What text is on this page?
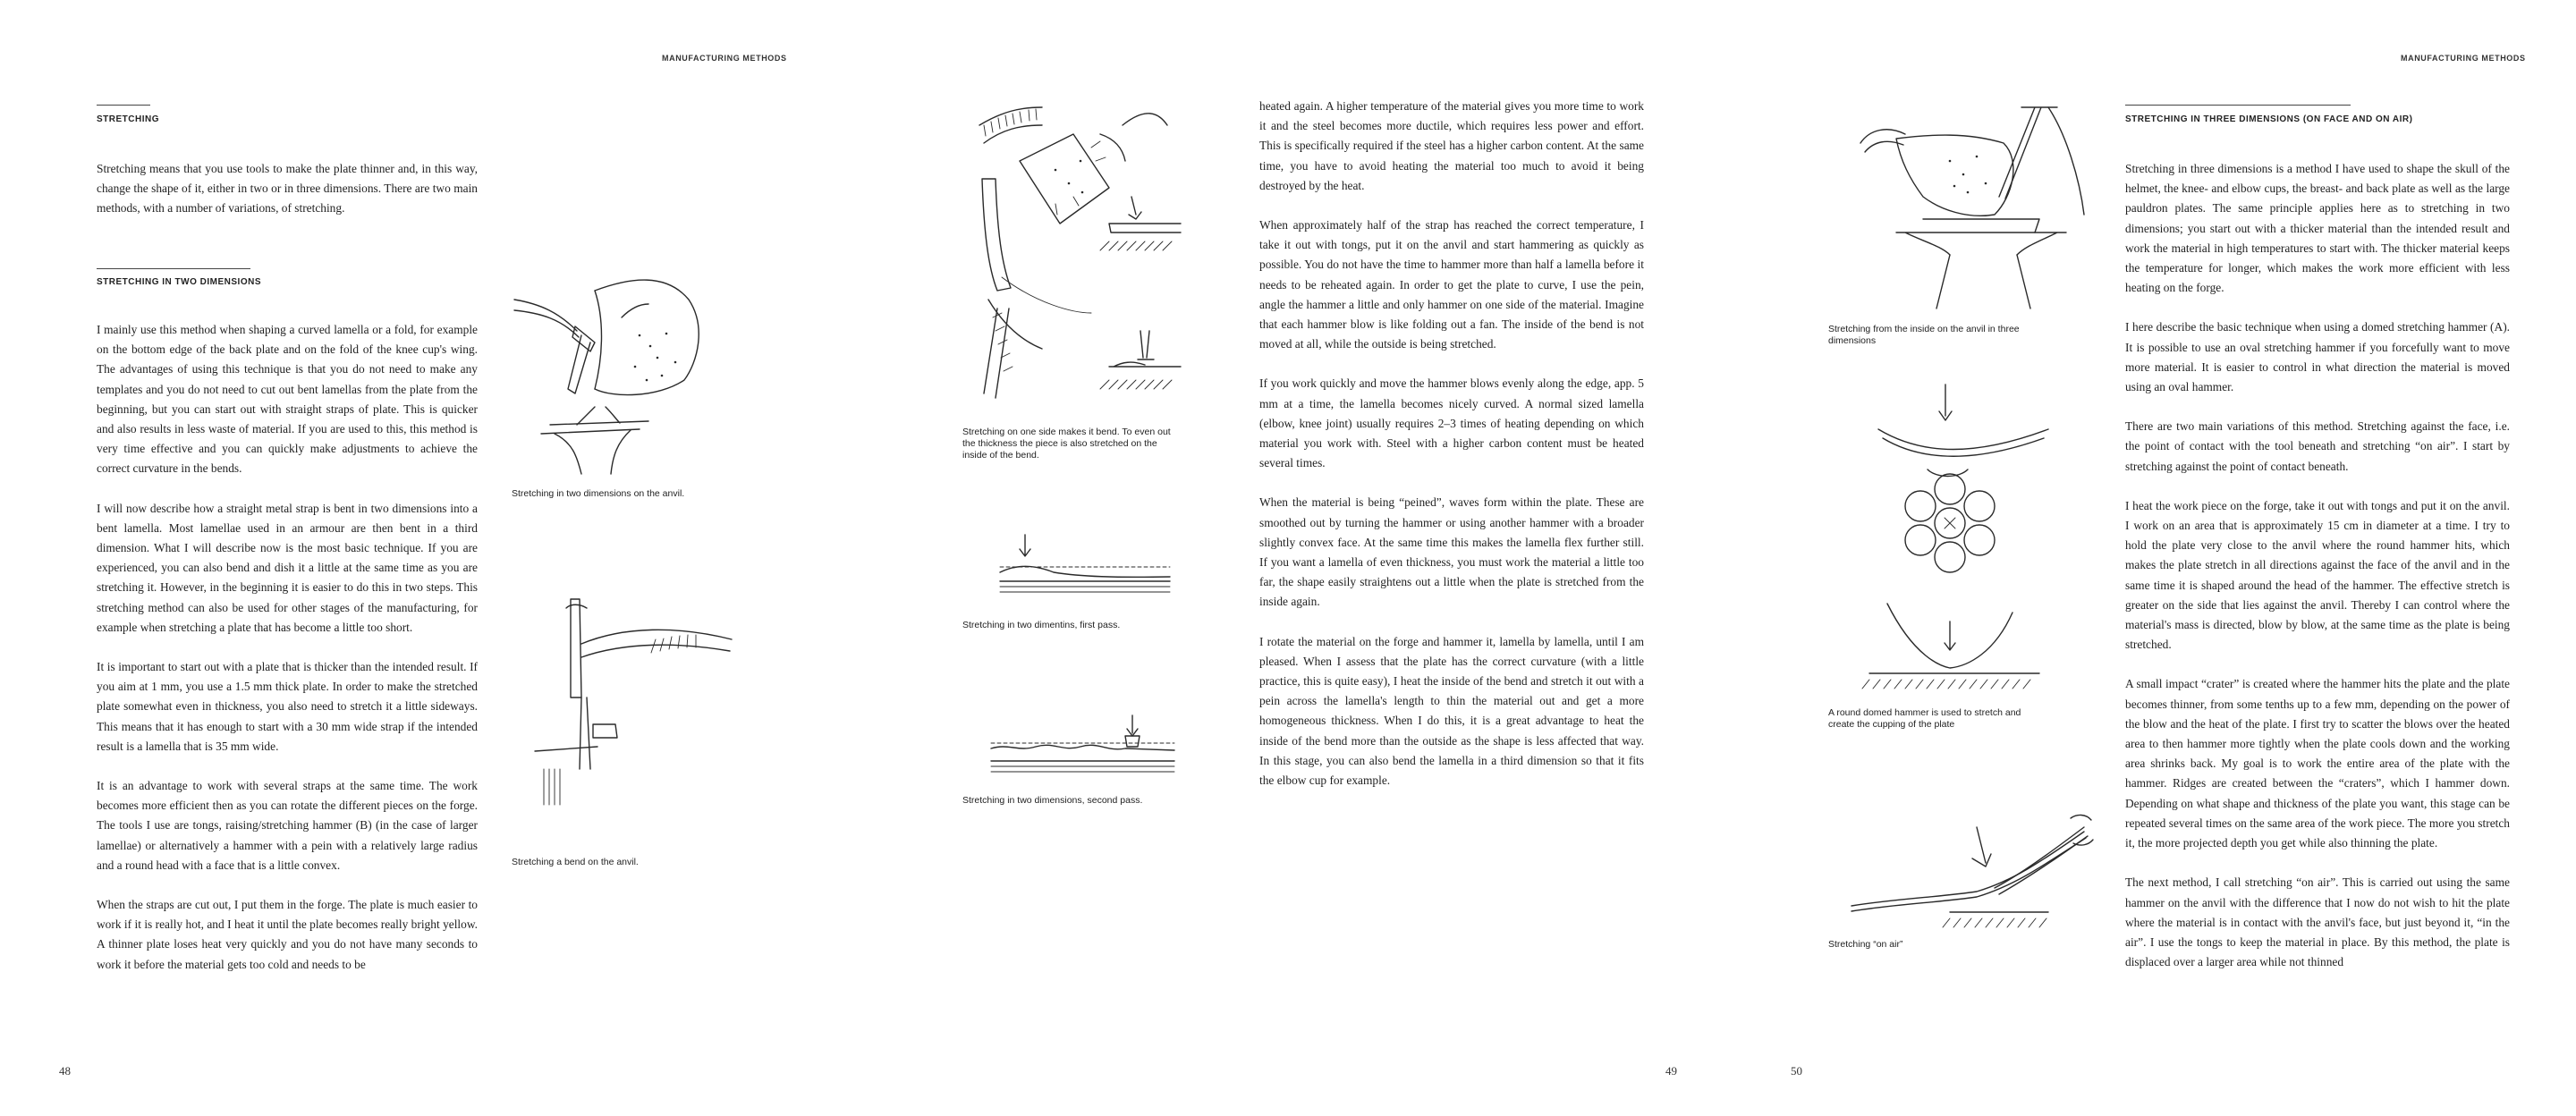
MANUFACTURING METHODS	MANUFACTURING METHODS
STRETCHING

Stretching means that you use tools to make the plate thinner and, in this way, change the shape of it, either in two or in three dimensions. There are two main methods, with a number of variations, of stretching.

STRETCHING IN TWO DIMENSIONS

I mainly use this method when shaping a curved lamella or a fold, for example on the bottom edge of the back plate and on the fold of the knee cup's wing. The advantages of using this technique is that you do not need to make any templates and you do not need to cut out bent lamellas from the plate from the beginning, but you can start out with straight straps of plate. This is quicker and also results in less waste of material. If you are used to this, this method is very time effective and you can quickly make adjustments to achieve the correct curvature in the bends.

I will now describe how a straight metal strap is bent in two dimensions into a bent lamella. Most lamellae used in an armour are then bent in a third dimension. What I will describe now is the most basic technique. If you are experienced, you can also bend and dish it a little at the same time as you are stretching it. However, in the beginning it is easier to do this in two steps. This stretching method can also be used for other stages of the manufacturing, for example when stretching a plate that has become a little too short.

It is important to start out with a plate that is thicker than the intended result. If you aim at 1 mm, you use a 1.5 mm thick plate. In order to make the stretched plate somewhat even in thickness, you also need to stretch it a little sideways. This means that it has enough to start with a 30 mm wide strap if the intended result is a lamella that is 35 mm wide.

It is an advantage to work with several straps at the same time. The work becomes more efficient then as you can rotate the different pieces on the forge. The tools I use are tongs, raising/stretching hammer (B) (in the case of larger lamellae) or alternatively a hammer with a pein with a relatively large radius and a round head with a face that is a little convex.

When the straps are cut out, I put them in the forge. The plate is much easier to work if it is really hot, and I heat it until the plate becomes really bright yellow. A thinner plate loses heat very quickly and you do not have many seconds to work it before the material gets too cold and needs to be

Stretching in two dimensions on the anvil.
Stretching a bend on the anvil.
48
Stretching on one side makes it bend. To even out the thickness the piece is also stretched on the inside of the bend.
Stretching in two dimentins, first pass.
Stretching in two dimensions, second pass.

heated again. A higher temperature of the material gives you more time to work it and the steel becomes more ductile, which requires less power and effort. This is specifically required if the steel has a higher carbon content. At the same time, you have to avoid heating the material too much to avoid it being destroyed by the heat.

When approximately half of the strap has reached the correct temperature, I take it out with tongs, put it on the anvil and start hammering as quickly as possible. You do not have the time to hammer more than half a lamella before it needs to be reheated again. In order to get the plate to curve, I use the pein, angle the hammer a little and only hammer on one side of the material. Imagine that each hammer blow is like folding out a fan. The inside of the bend is not moved at all, while the outside is being stretched.

If you work quickly and move the hammer blows evenly along the edge, app. 5 mm at a time, the lamella becomes nicely curved. A normal sized lamella (elbow, knee joint) usually requires 2–3 times of heating depending on which material you work with. Steel with a higher carbon content must be heated several times.

When the material is being “peined”, waves form within the plate. These are smoothed out by turning the hammer or using another hammer with a broader slightly convex face. At the same time this makes the lamella flex further still. If you want a lamella of even thickness, you must work the material a little too far, the shape easily straightens out a little when the plate is stretched from the inside again.

I rotate the material on the forge and hammer it, lamella by lamella, until I am pleased. When I assess that the plate has the correct curvature (with a little practice, this is quite easy), I heat the inside of the bend and stretch it out with a pein across the lamella's length to thin the material out and get a more homogeneous thickness. When I do this, it is a great advantage to heat the inside of the bend more than the outside as the shape is less affected that way. In this stage, you can also bend the lamella in a third dimension so that it fits the elbow cup for example.

49
Stretching from the inside on the anvil in three dimensions
A round domed hammer is used to stretch and create the cupping of the plate
Stretching “on air”
50
STRETCHING IN THREE DIMENSIONS (ON FACE AND ON AIR)

Stretching in three dimensions is a method I have used to shape the skull of the helmet, the knee- and elbow cups, the breast- and back plate as well as the large pauldron plates. The same principle applies here as to stretching in two dimensions; you start out with a thicker material than the intended result and work the material in high temperatures to start with. The thicker material keeps the temperature for longer, which makes the work more efficient with less heating on the forge.

I here describe the basic technique when using a domed stretching hammer (A). It is possible to use an oval stretching hammer if you forcefully want to move more material. It is easier to control in what direction the material is moved using an oval hammer.

There are two main variations of this method. Stretching against the face, i.e. the point of contact with the tool beneath and stretching “on air”. I start by stretching against the point of contact beneath.

I heat the work piece on the forge, take it out with tongs and put it on the anvil. I work on an area that is approximately 15 cm in diameter at a time. I try to hold the plate very close to the anvil where the round hammer hits, which makes the plate stretch in all directions against the face of the anvil and in the same time it is shaped around the head of the hammer. The effective stretch is greater on the side that lies against the anvil. Thereby I can control where the material's mass is directed, blow by blow, at the same time as the plate is being stretched.

A small impact “crater” is created where the hammer hits the plate and the plate becomes thinner, from some tenths up to a few mm, depending on the power of the blow and the heat of the plate. I first try to scatter the blows over the heated area to then hammer more tightly when the plate cools down and the working area shrinks back. My goal is to work the entire area of the plate with the hammer. Ridges are created between the “craters”, which I hammer down. Depending on what shape and thickness of the plate you want, this stage can be repeated several times on the same area of the work piece. The more you stretch it, the more projected depth you get while also thinning the plate.

The next method, I call stretching “on air”. This is carried out using the same hammer on the anvil with the difference that I now do not wish to hit the plate where the material is in contact with the anvil's face, but just beyond it, “in the air”. I use the tongs to keep the material in place. By this method, the plate is displaced over a larger area while not thinned
